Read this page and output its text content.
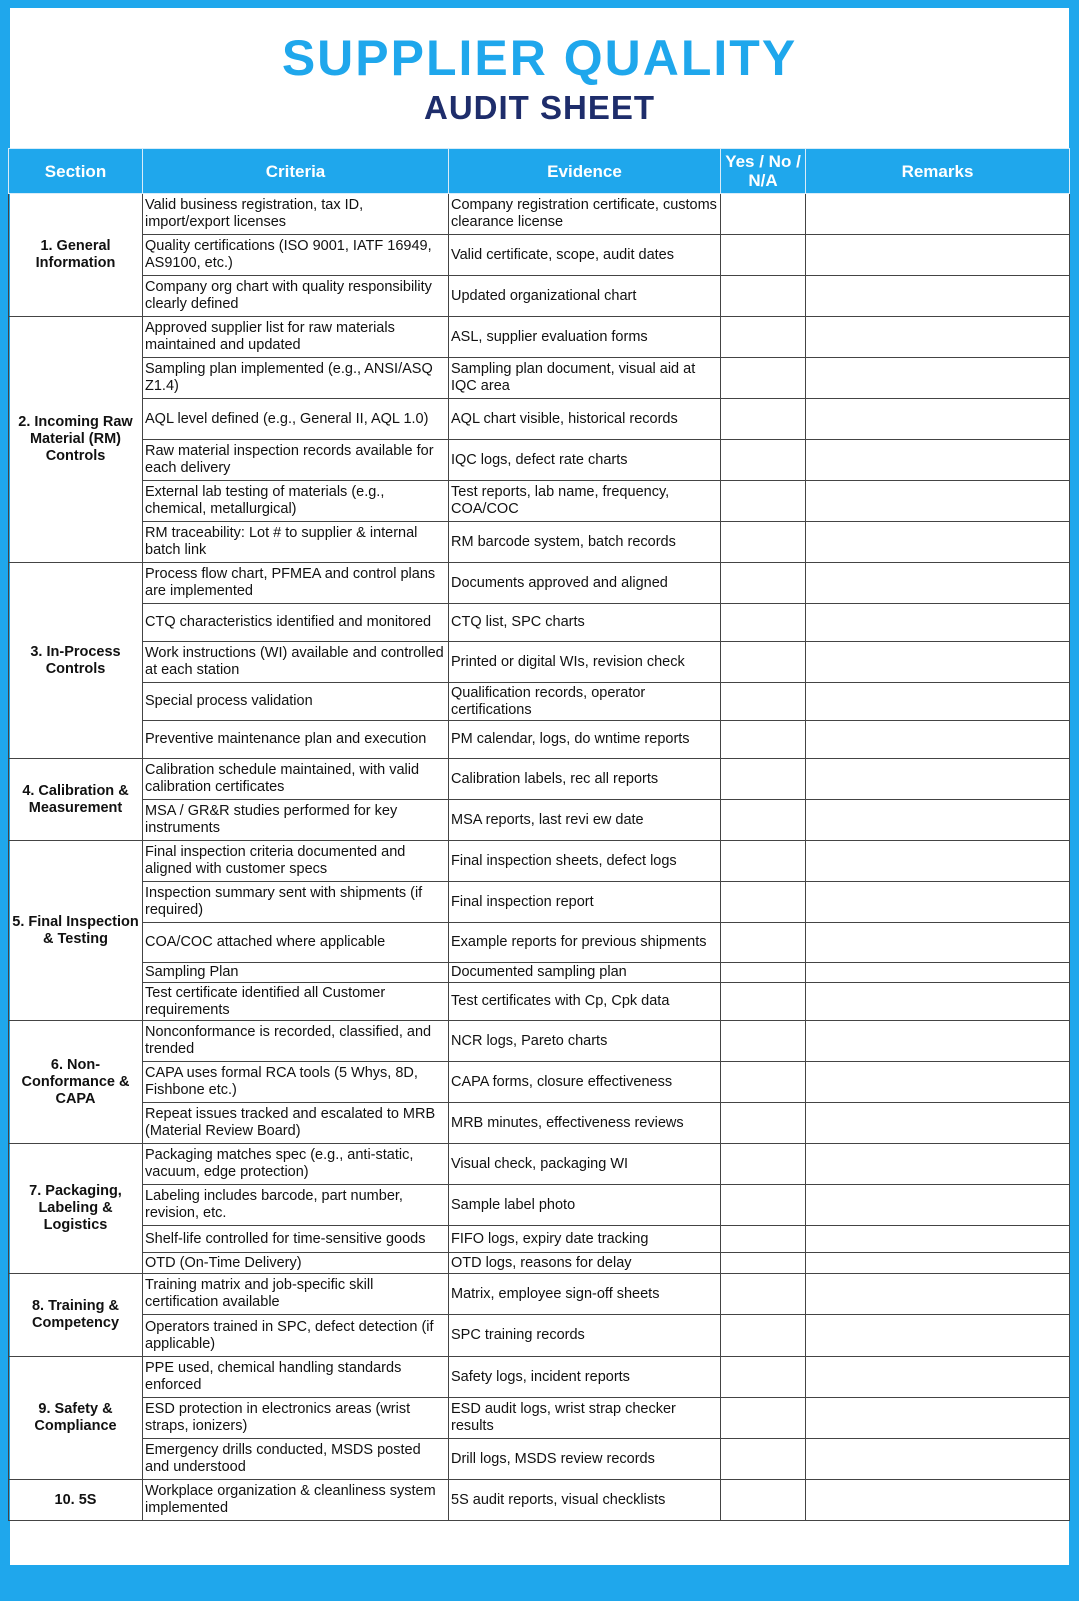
SUPPLIER QUALITY
AUDIT SHEET
Section	Criteria	Evidence	Yes / No / N/A	Remarks
1. General Information	Valid business registration, tax ID, import/export licenses	Company registration certificate, customs clearance license		
	Quality certifications (ISO 9001, IATF 16949, AS9100, etc.)	Valid certificate, scope, audit dates		
	Company org chart with quality responsibility clearly defined	Updated organizational chart		
2. Incoming Raw Material (RM) Controls	Approved supplier list for raw materials maintained and updated	ASL, supplier evaluation forms		
	Sampling plan implemented (e.g., ANSI/ASQ Z1.4)	Sampling plan document, visual aid at IQC area		
	AQL level defined (e.g., General II, AQL 1.0)	AQL chart visible, historical records		
	Raw material inspection records available for each delivery	IQC logs, defect rate charts		
	External lab testing of materials (e.g., chemical, metallurgical)	Test reports, lab name, frequency, COA/COC		
	RM traceability: Lot # to supplier & internal batch link	RM barcode system, batch records		
3. In-Process Controls	Process flow chart, PFMEA and control plans are implemented	Documents approved and aligned		
	CTQ characteristics identified and monitored	CTQ list, SPC charts		
	Work instructions (WI) available and controlled at each station	Printed or digital WIs, revision check		
	Special process validation	Qualification records, operator certifications		
	Preventive maintenance plan and execution	PM calendar, logs, do wntime reports		
4. Calibration & Measurement	Calibration schedule maintained, with valid calibration certificates	Calibration labels, rec all reports		
	MSA / GR&R studies performed for key instruments	MSA reports, last revi ew date		
5. Final Inspection & Testing	Final inspection criteria documented and aligned with customer specs	Final inspection sheets, defect logs		
	Inspection summary sent with shipments (if required)	Final inspection report		
	COA/COC attached where applicable	Example reports for previous shipments		
	Sampling Plan	Documented sampling plan		
	Test certificate identified all Customer requirements	Test certificates with Cp, Cpk data		
6. Non-Conformance & CAPA	Nonconformance is recorded, classified, and trended	NCR logs, Pareto charts		
	CAPA uses formal RCA tools (5 Whys, 8D, Fishbone etc.)	CAPA forms, closure effectiveness		
	Repeat issues tracked and escalated to MRB (Material Review Board)	MRB minutes, effectiveness reviews		
7. Packaging, Labeling & Logistics	Packaging matches spec (e.g., anti-static, vacuum, edge protection)	Visual check, packaging WI		
	Labeling includes barcode, part number, revision, etc.	Sample label photo		
	Shelf-life controlled for time-sensitive goods	FIFO logs, expiry date tracking		
	OTD (On-Time Delivery)	OTD logs, reasons for delay		
8. Training & Competency	Training matrix and job-specific skill certification available	Matrix, employee sign-off sheets		
	Operators trained in SPC, defect detection (if applicable)	SPC training records		
9. Safety & Compliance	PPE used, chemical handling standards enforced	Safety logs, incident reports		
	ESD protection in electronics areas (wrist straps, ionizers)	ESD audit logs, wrist strap checker results		
	Emergency drills conducted, MSDS posted and understood	Drill logs, MSDS review records		
10. 5S	Workplace organization & cleanliness system implemented	5S audit reports, visual checklists		
